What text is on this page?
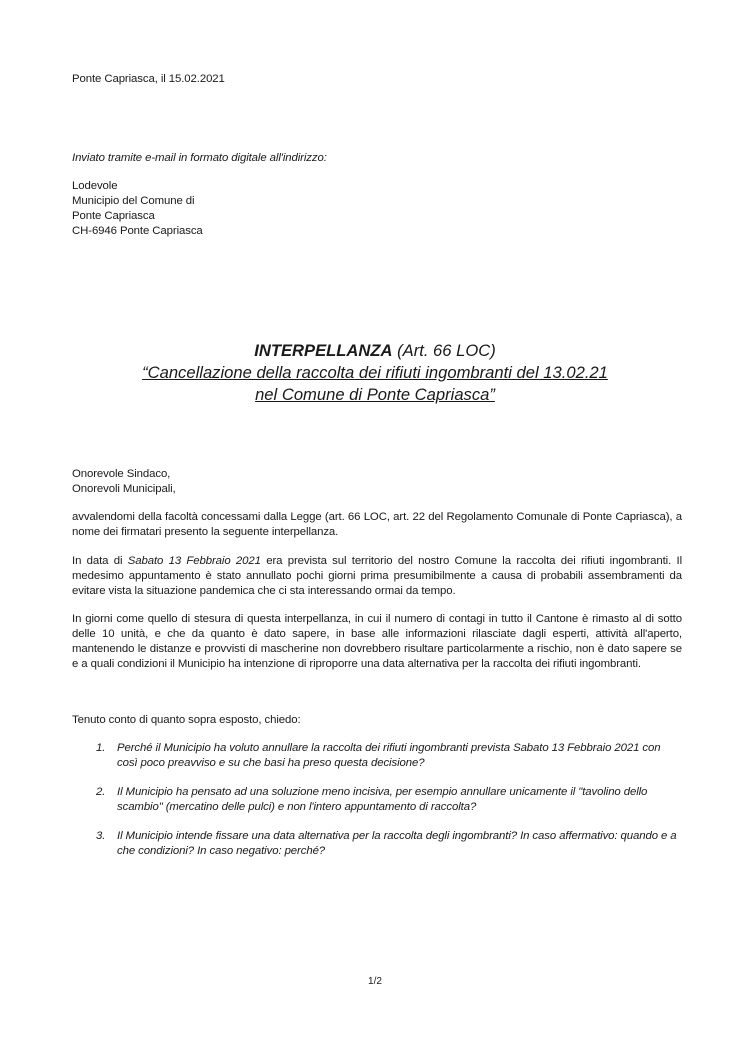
Ponte Capriasca, il 15.02.2021
Inviato tramite e-mail in formato digitale all'indirizzo:
Lodevole
Municipio del Comune di
Ponte Capriasca
CH-6946 Ponte Capriasca
INTERPELLANZA (Art. 66 LOC)
“Cancellazione della raccolta dei rifiuti ingombranti del 13.02.21
nel Comune di Ponte Capriasca”
Onorevole Sindaco,
Onorevoli Municipali,
avvalendomi della facoltà concessami dalla Legge (art. 66 LOC, art. 22 del Regolamento Comunale di Ponte Capriasca), a nome dei firmatari presento la seguente interpellanza.
In data di Sabato 13 Febbraio 2021 era prevista sul territorio del nostro Comune la raccolta dei rifiuti ingombranti. Il medesimo appuntamento è stato annullato pochi giorni prima presumibilmente a causa di probabili assembramenti da evitare vista la situazione pandemica che ci sta interessando ormai da tempo.
In giorni come quello di stesura di questa interpellanza, in cui il numero di contagi in tutto il Cantone è rimasto al di sotto delle 10 unità, e che da quanto è dato sapere, in base alle informazioni rilasciate dagli esperti, attività all'aperto, mantenendo le distanze e provvisti di mascherine non dovrebbero risultare particolarmente a rischio, non è dato sapere se e a quali condizioni il Municipio ha intenzione di riproporre una data alternativa per la raccolta dei rifiuti ingombranti.
Tenuto conto di quanto sopra esposto, chiedo:
1. Perché il Municipio ha voluto annullare la raccolta dei rifiuti ingombranti prevista Sabato 13 Febbraio 2021 con così poco preavviso e su che basi ha preso questa decisione?
2. Il Municipio ha pensato ad una soluzione meno incisiva, per esempio annullare unicamente il "tavolino dello scambio" (mercatino delle pulci) e non l'intero appuntamento di raccolta?
3. Il Municipio intende fissare una data alternativa per la raccolta degli ingombranti? In caso affermativo: quando e a che condizioni? In caso negativo: perché?
1/2
